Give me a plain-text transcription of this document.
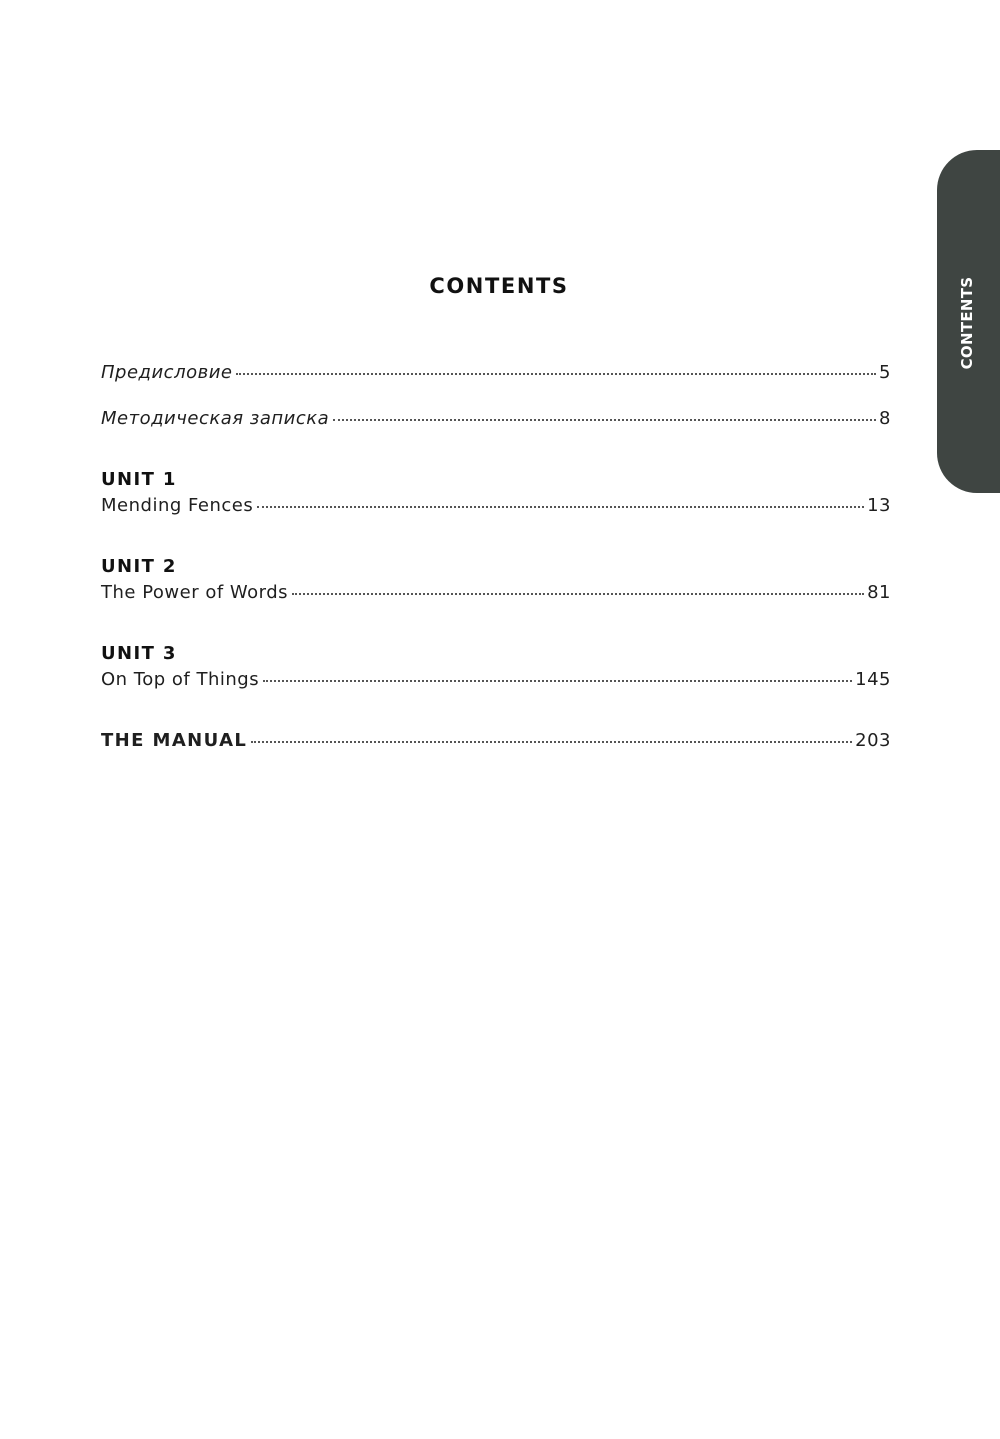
CONTENTS
CONTENTS
Предисловие	5
Методическая записка	8
UNIT 1
Mending Fences	13
UNIT 2
The Power of Words	81
UNIT 3
On Top of Things	145
THE MANUAL	203
